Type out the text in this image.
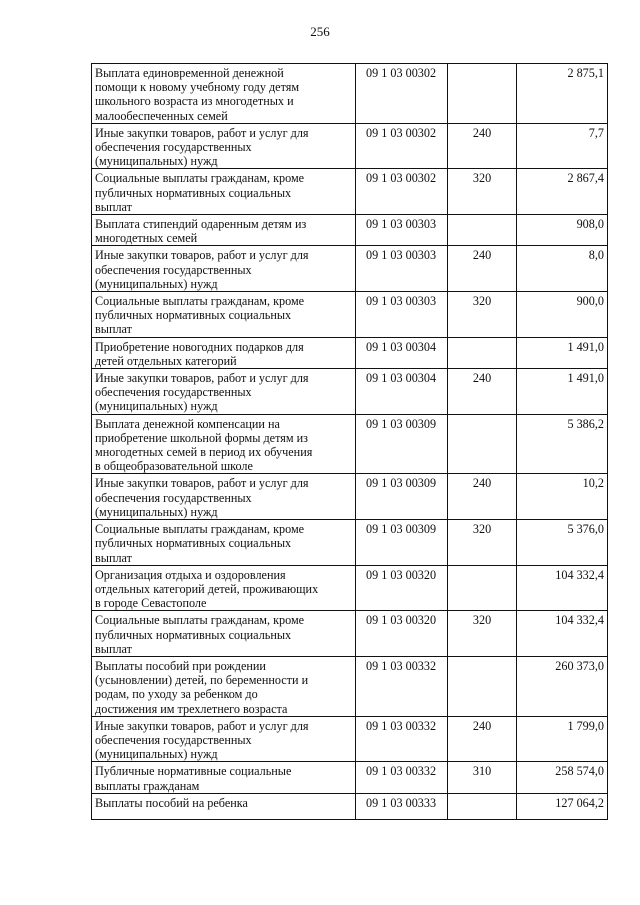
256
Выплата единовременной денежной
помощи к новому учебному году детям
школьного возраста из многодетных и
малообеспеченных семей	09 1 03 00302		2 875,1

Иные закупки товаров, работ и услуг для
обеспечения государственных
(муниципальных) нужд	09 1 03 00302	240	7,7

Социальные выплаты гражданам, кроме
публичных нормативных социальных
выплат	09 1 03 00302	320	2 867,4

Выплата стипендий одаренным детям из
многодетных семей	09 1 03 00303		908,0

Иные закупки товаров, работ и услуг для
обеспечения государственных
(муниципальных) нужд	09 1 03 00303	240	8,0

Социальные выплаты гражданам, кроме
публичных нормативных социальных
выплат	09 1 03 00303	320	900,0

Приобретение новогодних подарков для
детей отдельных категорий	09 1 03 00304		1 491,0

Иные закупки товаров, работ и услуг для
обеспечения государственных
(муниципальных) нужд	09 1 03 00304	240	1 491,0

Выплата денежной компенсации на
приобретение школьной формы детям из
многодетных семей в период их обучения
в общеобразовательной школе	09 1 03 00309		5 386,2

Иные закупки товаров, работ и услуг для
обеспечения государственных
(муниципальных) нужд	09 1 03 00309	240	10,2

Социальные выплаты гражданам, кроме
публичных нормативных социальных
выплат	09 1 03 00309	320	5 376,0

Организация отдыха и оздоровления
отдельных категорий детей, проживающих
в городе Севастополе	09 1 03 00320		104 332,4

Социальные выплаты гражданам, кроме
публичных нормативных социальных
выплат	09 1 03 00320	320	104 332,4

Выплаты пособий при рождении
(усыновлении) детей, по беременности и
родам, по уходу за ребенком до
достижения им трехлетнего возраста	09 1 03 00332		260 373,0

Иные закупки товаров, работ и услуг для
обеспечения государственных
(муниципальных) нужд	09 1 03 00332	240	1 799,0

Публичные нормативные социальные
выплаты гражданам	09 1 03 00332	310	258 574,0

Выплаты пособий на ребенка	09 1 03 00333		127 064,2
